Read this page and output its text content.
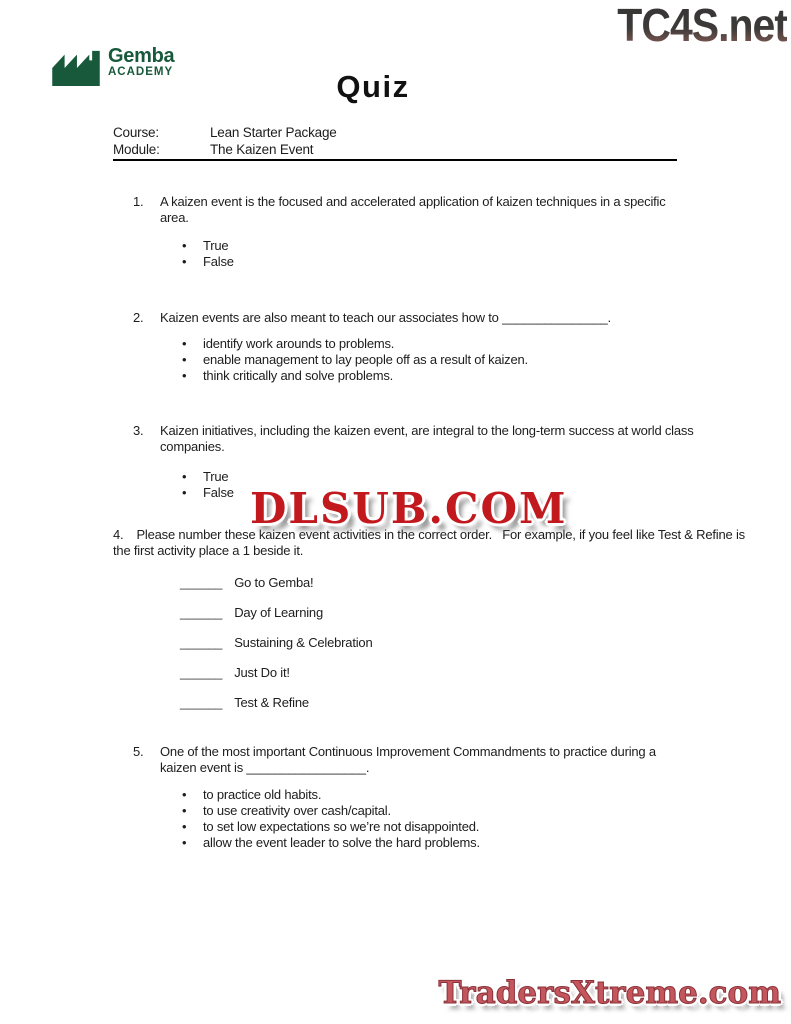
TC4S.net
Gemba
ACADEMY	Quiz
Course:	Lean Starter Package
Module:	The Kaizen Event
1.	A kaizen event is the focused and accelerated application of kaizen techniques in a specific area.
•
True
•
False
2.	Kaizen events are also meant to teach our associates how to _______________.
•
identify work arounds to problems.
•
enable management to lay people off as a result of kaizen.
•
think critically and solve problems.
3.	Kaizen initiatives, including the kaizen event, are integral to the long-term success at world class companies.
•
True
•
False

4. Please number these kaizen event activities in the correct order.   For example, if you feel like Test & Refine is the first activity place a 1 beside it.

______ Go to Gemba!
______ Day of Learning
______ Sustaining & Celebration
______ Just Do it!
______ Test & Refine
5.	One of the most important Continuous Improvement Commandments to practice during a kaizen event is _________________.
•
to practice old habits.
•
to use creativity over cash/capital.
•
to set low expectations so we’re not disappointed.
•
allow the event leader to solve the hard problems.
DLSUB.COM
TradersXtreme.com
